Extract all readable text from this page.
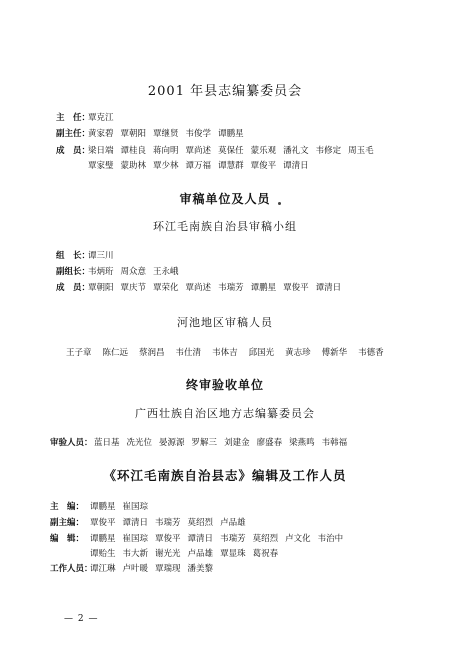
2001 年县志编纂委员会
主　任：覃克江
副主任：黄家碧 覃朝阳 覃继贤 韦俊学 谭鹏星
成　员：梁日端 谭桂良 蒋向明 覃尚述 莫保任 蒙乐观 潘礼文 韦修定 周玉毛
覃家璧 蒙助林 覃少林 谭万福 谭慧群 覃俊平 谭清日
审稿单位及人员
环江毛南族自治县审稿小组
组　长：谭三川
副组长：韦炳珩 周众意 王永峨
成　员：覃朝阳 覃庆节 覃荣化 覃尚述 韦瑞芳 谭鹏星 覃俊平 谭清日
河池地区审稿人员
王子章 陈仁远 蔡润昌 韦仕清 韦体吉 邱国光 黄志珍 傅新华 韦德香
终审验收单位
广西壮族自治区地方志编纂委员会
审验人员：蓝日基 冼光位 晏源源 罗解三 刘建金 廖盛春 梁燕鸣 韦韩福
《环江毛南族自治县志》编辑及工作人员
主　编： 谭鹏星 崔国琮
副主编： 覃俊平 谭清日 韦瑞芳 莫绍烈 卢品雄
编　辑： 谭鹏星 崔国琮 覃俊平 谭清日 韦瑞芳 莫绍烈 卢文化 韦治中
谭贻生 韦大新 谢光光 卢品雄 覃显珠 葛祝春
工作人员：谭江琳 卢叶暖 覃瑞现 潘美黎
— 2 —
